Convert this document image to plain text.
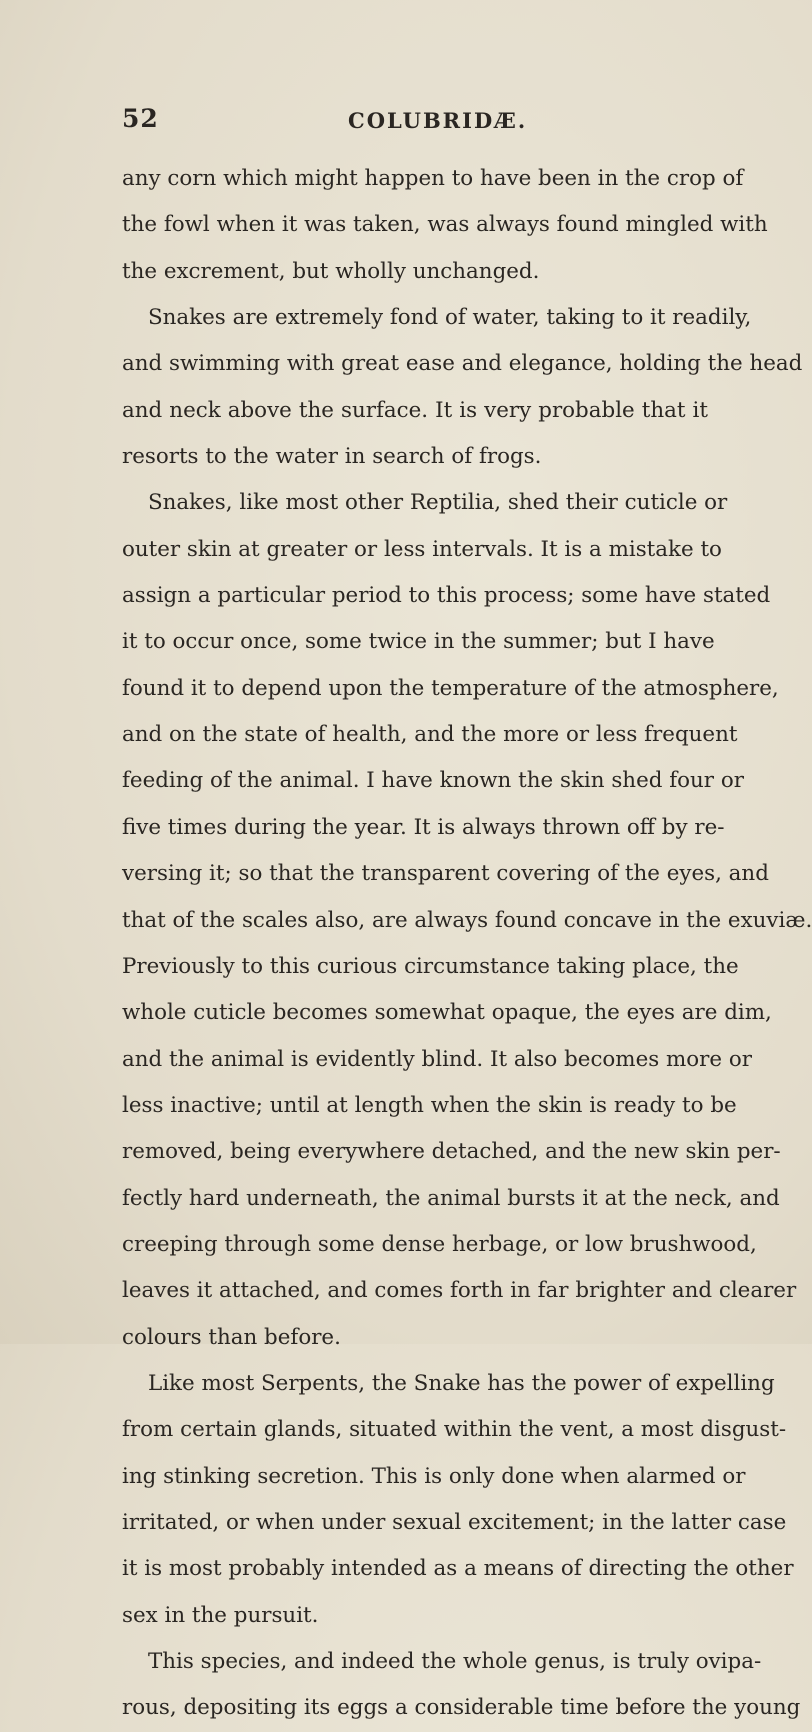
52	COLUBRIDÆ.
any corn which might happen to have been in the crop of
the fowl when it was taken, was always found mingled with
the excrement, but wholly unchanged.
Snakes are extremely fond of water, taking to it readily,
and swimming with great ease and elegance, holding the head
and neck above the surface. It is very probable that it
resorts to the water in search of frogs.
Snakes, like most other Reptilia, shed their cuticle or
outer skin at greater or less intervals. It is a mistake to
assign a particular period to this process; some have stated
it to occur once, some twice in the summer; but I have
found it to depend upon the temperature of the atmosphere,
and on the state of health, and the more or less frequent
feeding of the animal. I have known the skin shed four or
five times during the year. It is always thrown off by re-
versing it; so that the transparent covering of the eyes, and
that of the scales also, are always found concave in the exuviæ.
Previously to this curious circumstance taking place, the
whole cuticle becomes somewhat opaque, the eyes are dim,
and the animal is evidently blind. It also becomes more or
less inactive; until at length when the skin is ready to be
removed, being everywhere detached, and the new skin per-
fectly hard underneath, the animal bursts it at the neck, and
creeping through some dense herbage, or low brushwood,
leaves it attached, and comes forth in far brighter and clearer
colours than before.
Like most Serpents, the Snake has the power of expelling
from certain glands, situated within the vent, a most disgust-
ing stinking secretion. This is only done when alarmed or
irritated, or when under sexual excitement; in the latter case
it is most probably intended as a means of directing the other
sex in the pursuit.
This species, and indeed the whole genus, is truly ovipa-
rous, depositing its eggs a considerable time before the young
